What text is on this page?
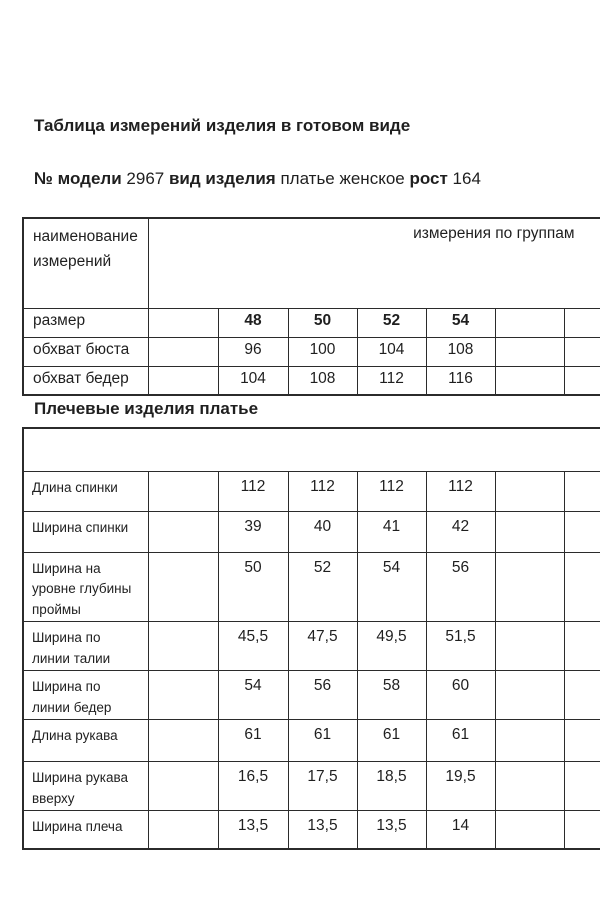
Таблица измерений изделия в готовом виде

№ модели 2967 вид изделия платье женское рост 164

наименование измерений	измерения по группам									
размер		48	50	52	54					
обхват бюста		96	100	104	108					
обхват бедер		104	108	112	116					
Плечевые изделия платье

Длина спинки		112	112	112	112					
Ширина спинки		39	40	41	42					
Ширина на уровне глубины проймы		50	52	54	56					
Ширина по линии талии		45,5	47,5	49,5	51,5					
Ширина по линии бедер		54	56	58	60					
Длина рукава		61	61	61	61					
Ширина рукава вверху		16,5	17,5	18,5	19,5					
Ширина плеча		13,5	13,5	13,5	14					
